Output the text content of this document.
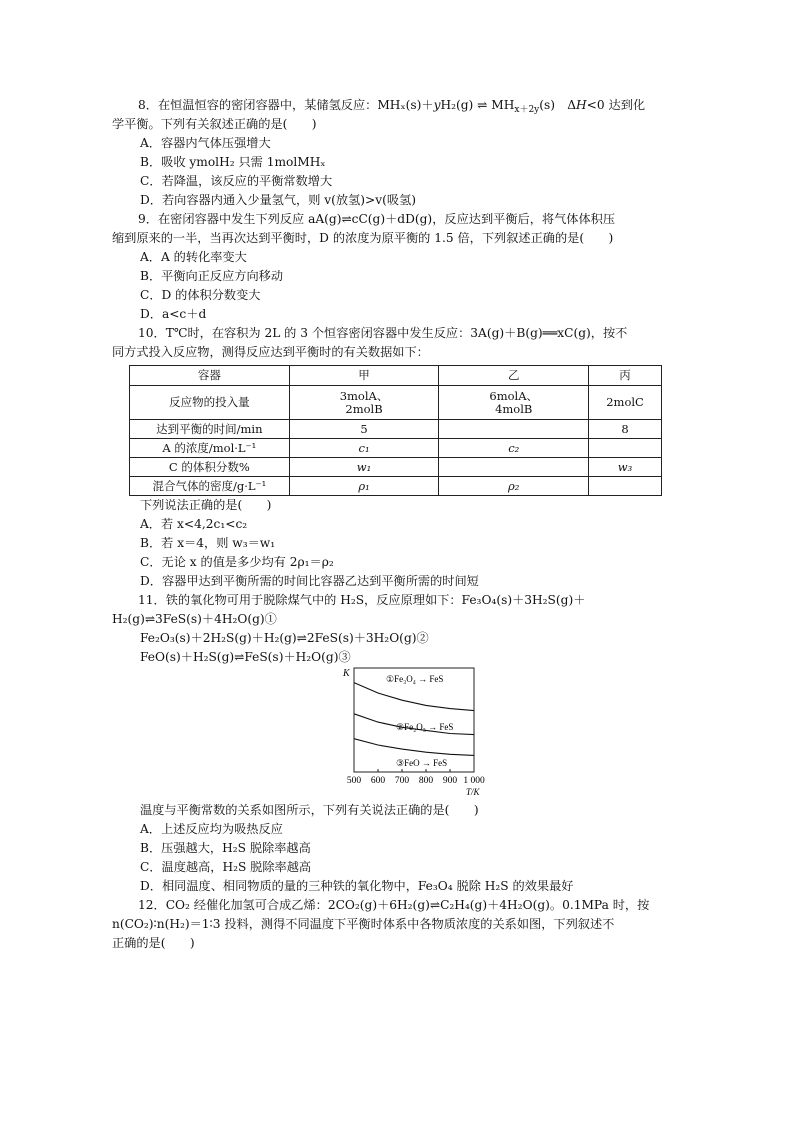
8．在恒温恒容的密闭容器中，某储氢反应：MHₓ(s)＋yH₂(g) ⇌ $MH_{x+2y}(s)$　ΔH<0 达到化
学平衡。下列有关叙述正确的是(　　)
A．容器内气体压强增大
B．吸收 ymolH₂ 只需 1molMHₓ
C．若降温，该反应的平衡常数增大
D．若向容器内通入少量氢气，则 v(放氢)>v(吸氢)
9．在密闭容器中发生下列反应 aA(g)⇌cC(g)＋dD(g)，反应达到平衡后，将气体体积压
缩到原来的一半，当再次达到平衡时，D 的浓度为原平衡的 1.5 倍，下列叙述正确的是(　　)
A．A 的转化率变大
B．平衡向正反应方向移动
C．D 的体积分数变大
D．a<c＋d
10．T℃时，在容积为 2L 的 3 个恒容密闭容器中发生反应：3A(g)＋B(g)══xC(g)，按不
同方式投入反应物，测得反应达到平衡时的有关数据如下：
容器	甲	乙	丙
反应物的投入量	3molA、
2molB	6molA、
4molB	2molC
达到平衡的时间/min	5		8
A 的浓度/mol·L⁻¹	c₁	c₂	
C 的体积分数%	w₁		w₃
混合气体的密度/g·L⁻¹	ρ₁	ρ₂	
下列说法正确的是(　　)
A．若 x<4,2c₁<c₂
B．若 x＝4，则 w₃＝w₁
C．无论 x 的值是多少均有 2ρ₁＝ρ₂
D．容器甲达到平衡所需的时间比容器乙达到平衡所需的时间短
11．铁的氧化物可用于脱除煤气中的 H₂S，反应原理如下：Fe₃O₄(s)＋3H₂S(g)＋
H₂(g)⇌3FeS(s)＋4H₂O(g)①
Fe₂O₃(s)＋2H₂S(g)＋H₂(g)⇌2FeS(s)＋3H₂O(g)②
FeO(s)＋H₂S(g)⇌FeS(s)＋H₂O(g)③
K
500 600 700 800 900 1 000
T/K
①Fe₃O₄ → FeS
②Fe₂O₃ → FeS
③FeO → FeS
温度与平衡常数的关系如图所示，下列有关说法正确的是(　　)
A．上述反应均为吸热反应
B．压强越大，H₂S 脱除率越高
C．温度越高，H₂S 脱除率越高
D．相同温度、相同物质的量的三种铁的氧化物中，Fe₃O₄ 脱除 H₂S 的效果最好
12．CO₂ 经催化加氢可合成乙烯：2CO₂(g)＋6H₂(g)⇌C₂H₄(g)＋4H₂O(g)。0.1MPa 时，按
n(CO₂)∶n(H₂)＝1∶3 投料，测得不同温度下平衡时体系中各物质浓度的关系如图，下列叙述不
正确的是(　　)
